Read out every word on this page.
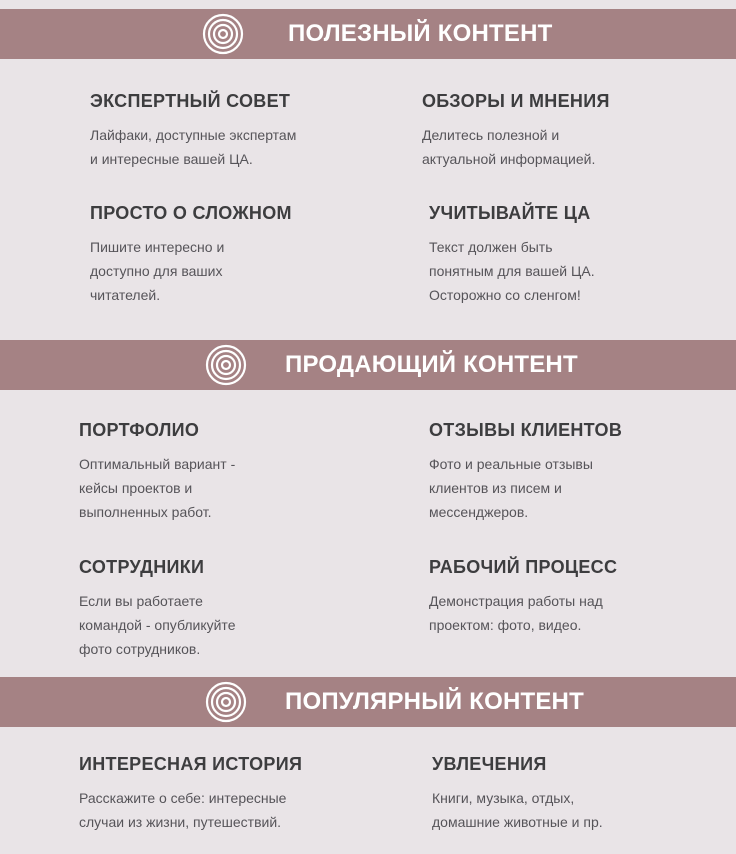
ПОЛЕЗНЫЙ КОНТЕНТ
ЭКСПЕРТНЫЙ СОВЕТ
Лайфаки, доступные экспертам
и интересные вашей ЦА.
ОБЗОРЫ И МНЕНИЯ
Делитесь полезной и
актуальной информацией.
ПРОСТО О СЛОЖНОМ
Пишите интересно и
доступно для ваших
читателей.
УЧИТЫВАЙТЕ ЦА
Текст должен быть
понятным для вашей ЦА.
Осторожно со сленгом!
ПРОДАЮЩИЙ КОНТЕНТ
ПОРТФОЛИО
Оптимальный вариант -
кейсы проектов и
выполненных работ.
ОТЗЫВЫ КЛИЕНТОВ
Фото и реальные отзывы
клиентов из писем и
мессенджеров.
СОТРУДНИКИ
Если вы работаете
командой - опубликуйте
фото сотрудников.
РАБОЧИЙ ПРОЦЕСС
Демонстрация работы над
проектом: фото, видео.
ПОПУЛЯРНЫЙ КОНТЕНТ
ИНТЕРЕСНАЯ ИСТОРИЯ
Расскажите о себе: интересные
случаи из жизни, путешествий.
УВЛЕЧЕНИЯ
Книги, музыка, отдых,
домашние животные и пр.
